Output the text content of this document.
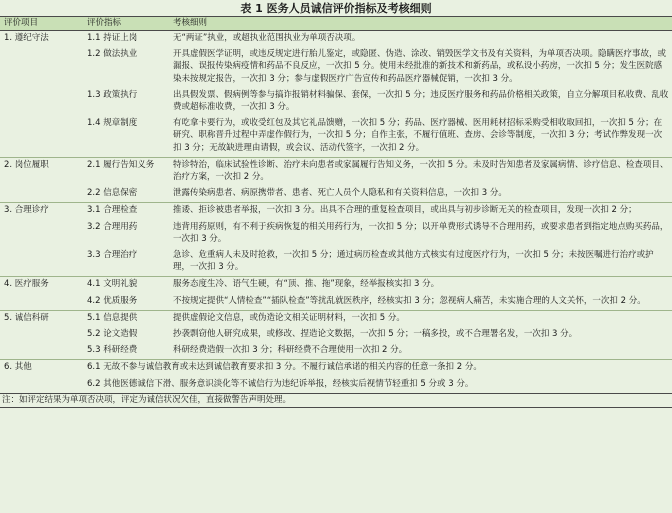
表 1 医务人员诚信评价指标及考核细则
评价项目	评价指标	考核细则
1. 遵纪守法	1.1 持证上岗	无“两证”执业，或超执业范围执业为单项否决项。
	1.2 做法执业	开具虚假医学证明，或违反规定进行胎儿鉴定，或隐匿、伪造、涂改、销毁医学文书及有关资料，为单项否决项。隐瞒医疗事故，或漏报、误报传染病疫情和药品不良反应，一次扣 5 分。使用未经批准的新技术和新药品，或私设小药房，一次扣 5 分；发生医院感染未按规定报告，一次扣 3 分；参与虚假医疗广告宣传和药品医疗器械促销，一次扣 3 分。
	1.3 政策执行	出具假发票、假病例等参与搞诈报销材料骗保、套保，一次扣 5 分；违反医疗服务和药品价格相关政策，自立分解项目私收费、乱收费或超标准收费，一次扣 3 分。
	1.4 规章制度	有吃拿卡要行为，或收受红包及其它礼品馈赠，一次扣 5 分；药品、医疗器械、医用耗材招标采购受相收取回扣，一次扣 5 分；在研究、职称晋升过程中弄虚作假行为，一次扣 5 分；自作主张，不履行值班、查房、会诊等制度，一次扣 3 分；考试作弊发现一次扣 3 分；无故缺进理由请假，或会议、活动代签字，一次扣 2 分。
2. 岗位履职	2.1 履行告知义务	特诊特治，临床试验性诊断、治疗未向患者或家属履行告知义务，一次扣 5 分。未及时告知患者及家属病情、诊疗信息、检查项目、治疗方案，一次扣 2 分。
	2.2 信息保密	泄露传染病患者、病原携带者、患者、死亡人员个人隐私和有关资料信息，一次扣 3 分。
3. 合理诊疗	3.1 合理检查	推诿、拒诊被患者举报，一次扣 3 分。出具不合理的重复检查项目，或出具与初步诊断无关的检查项目，发现一次扣 2 分；
	3.2 合理用药	违背用药原则，有不利于疾病恢复的相关用药行为，一次扣 5 分；以开单费形式诱导不合理用药，或要求患者到指定地点购买药品，一次扣 3 分。
	3.3 合理治疗	急诊、危重病人未及时抢救，一次扣 5 分；通过病历检查或其他方式核实有过度医疗行为，一次扣 5 分；未按医嘱进行治疗或护理，一次扣 3 分。
4. 医疗服务	4.1 文明礼貌	服务态度生冷、语气生硬，有“顶、推、拖”现象，经举报核实扣 3 分。
	4.2 优质服务	不按规定提供“人情检查”“插队检查”等扰乱就医秩序，经核实扣 3 分；忽视病人痛苦，未实施合理的人文关怀，一次扣 2 分。
5. 诚信科研	5.1 信息提供	提供虚假论文信息，或伪造论文相关证明材料，一次扣 5 分。
	5.2 论文造假	抄袭剽窃他人研究成果，或修改、捏造论文数据，一次扣 5 分；一稿多投，或不合理署名发，一次扣 3 分。
	5.3 科研经费	科研经费造假一次扣 3 分；科研经费不合理使用一次扣 2 分。
6. 其他	6.1 无故不参与诚信教育或未达到诚信教育要求扣 3 分。不履行诚信承诺的相关内容的任意一条扣 2 分。	
	6.2 其他医德诚信下滑、服务意识淡化等不诚信行为违纪诉举报，经核实后视情节轻重扣 5 分或 3 分。	
注：如评定结果为单项否决项，评定为诚信状况欠佳，直接做警告声明处理。
